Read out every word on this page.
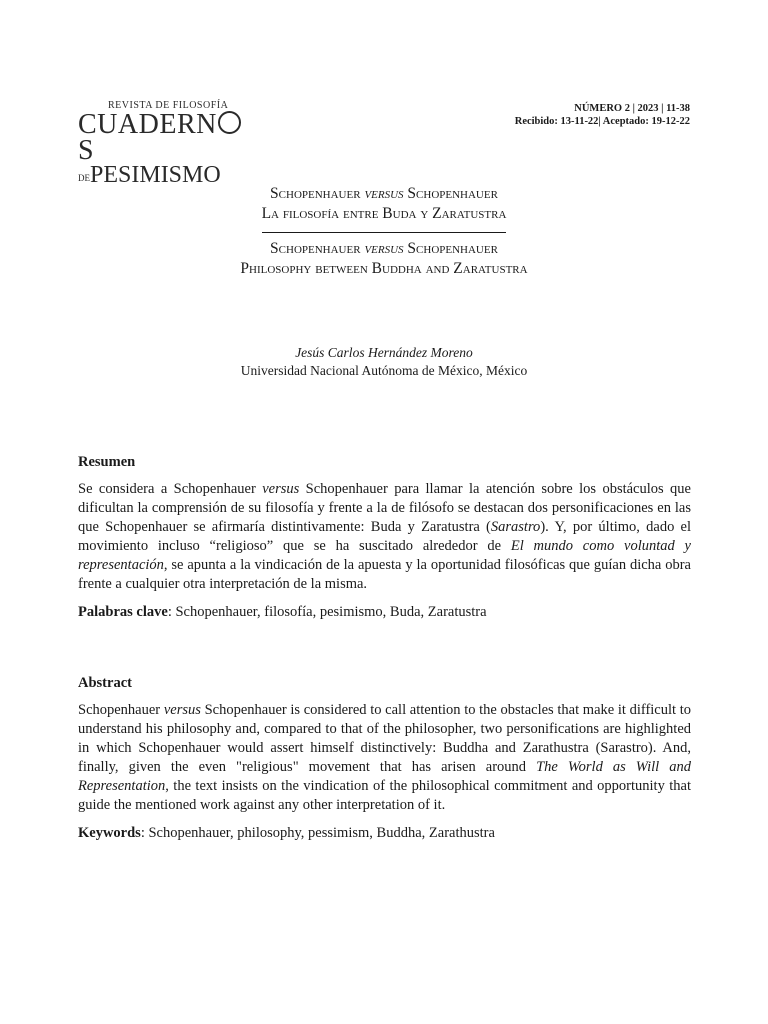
REVISTA DE FILOSOFÍA
CUADERNS
DE PESIMISMO
NÚMERO 2 | 2023 | 11-38
Recibido: 13-11-22| Aceptado: 19-12-22
Schopenhauer versus Schopenhauer
La filosofía entre Buda y Zaratustra
Schopenhauer versus Schopenhauer
Philosophy between Buddha and Zaratustra
Jesús Carlos Hernández Moreno
Universidad Nacional Autónoma de México, México
Resumen

Se considera a Schopenhauer versus Schopenhauer para llamar la atención sobre los obstáculos que dificultan la comprensión de su filosofía y frente a la de filósofo se destacan dos personificaciones en las que Schopenhauer se afirmaría distintivamente: Buda y Zaratustra (Sarastro). Y, por último, dado el movimiento incluso “religioso” que se ha suscitado alrededor de El mundo como voluntad y representación, se apunta a la vindicación de la apuesta y la oportunidad filosóficas que guían dicha obra frente a cualquier otra interpretación de la misma.

Palabras clave: Schopenhauer, filosofía, pesimismo, Buda, Zaratustra

Abstract

Schopenhauer versus Schopenhauer is considered to call attention to the obstacles that make it difficult to understand his philosophy and, compared to that of the philosopher, two personifications are highlighted in which Schopenhauer would assert himself distinctively: Buddha and Zarathustra (Sarastro). And, finally, given the even "religious" movement that has arisen around The World as Will and Representation, the text insists on the vindication of the philosophical commitment and opportunity that guide the mentioned work against any other interpretation of it.

Keywords: Schopenhauer, philosophy, pessimism, Buddha, Zarathustra
